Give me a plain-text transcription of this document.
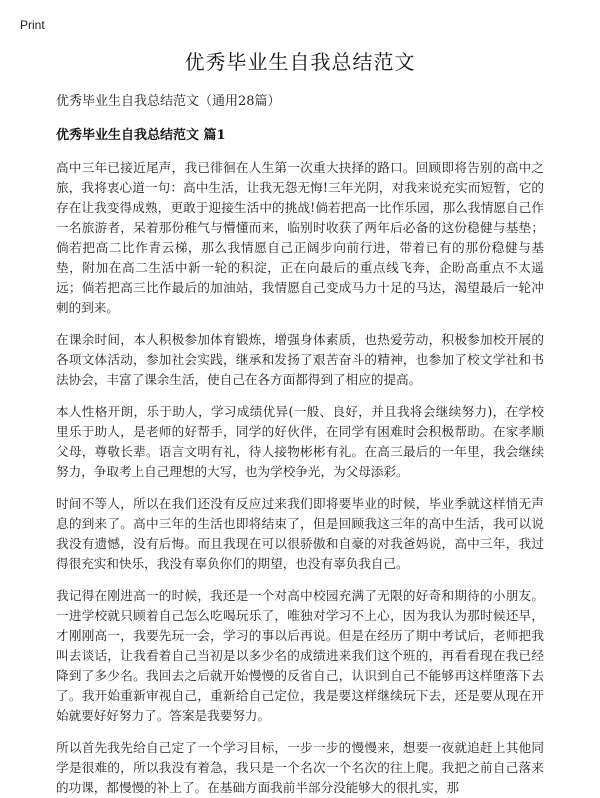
Print
优秀毕业生自我总结范文

优秀毕业生自我总结范文（通用28篇）

优秀毕业生自我总结范文 篇1

高中三年已接近尾声，我已徘徊在人生第一次重大抉择的路口。回顾即将告别的高中之旅，我将衷心道一句：高中生活，让我无怨无悔!三年光阴，对我来说充实而短暂，它的存在让我变得成熟，更敢于迎接生活中的挑战!倘若把高一比作乐园，那么我情愿自己作一名旅游者，呆着那份稚气与懵懂而来，临别时收获了两年后必备的这份稳健与基垫；倘若把高二比作青云梯，那么我情愿自己正阔步向前行进，带着已有的那份稳健与基垫，附加在高二生活中新一轮的积淀，正在向最后的重点线飞奔，企盼高重点不太遥远；倘若把高三比作最后的加油站，我情愿自己变成马力十足的马达，渴望最后一轮冲刺的到来。

在课余时间，本人积极参加体育锻炼，增强身体素质，也热爱劳动，积极参加校开展的各项文体活动，参加社会实践，继承和发扬了艰苦奋斗的精神，也参加了校文学社和书法协会，丰富了课余生活，使自己在各方面都得到了相应的提高。

本人性格开朗，乐于助人，学习成绩优异(一般、良好，并且我将会继续努力)，在学校里乐于助人，是老师的好帮手，同学的好伙伴，在同学有困难时会积极帮助。在家孝顺父母，尊敬长辈。语言文明有礼，待人接物彬彬有礼。在高三最后的一年里，我会继续努力，争取考上自己理想的大写，也为学校争光，为父母添彩。

时间不等人，所以在我们还没有反应过来我们即将要毕业的时候，毕业季就这样悄无声息的到来了。高中三年的生活也即将结束了，但是回顾我这三年的高中生活，我可以说我没有遗憾，没有后悔。而且我现在可以很骄傲和自豪的对我爸妈说，高中三年，我过得很充实和快乐，我没有辜负你们的期望，也没有辜负我自己。

我记得在刚进高一的时候，我还是一个对高中校园充满了无限的好奇和期待的小朋友。一进学校就只顾着自己怎么吃喝玩乐了，唯独对学习不上心，因为我认为那时候还早，才刚刚高一，我要先玩一会，学习的事以后再说。但是在经历了期中考试后，老师把我叫去谈话，让我看着自己当初是以多少名的成绩进来我们这个班的，再看看现在我已经降到了多少名。我回去之后就开始慢慢的反省自己，认识到自己不能够再这样堕落下去了。我开始重新审视自己，重新给自己定位，我是要这样继续玩下去，还是要从现在开始就要好好努力了。答案是我要努力。

所以首先我先给自己定了一个学习目标，一步一步的慢慢来，想要一夜就追赶上其他同学是很难的，所以我没有着急，我只是一个名次一个名次的往上爬。我把之前自己落来的功课，都慢慢的补上了。在基础方面我前半部分没能够大的很扎实，那
